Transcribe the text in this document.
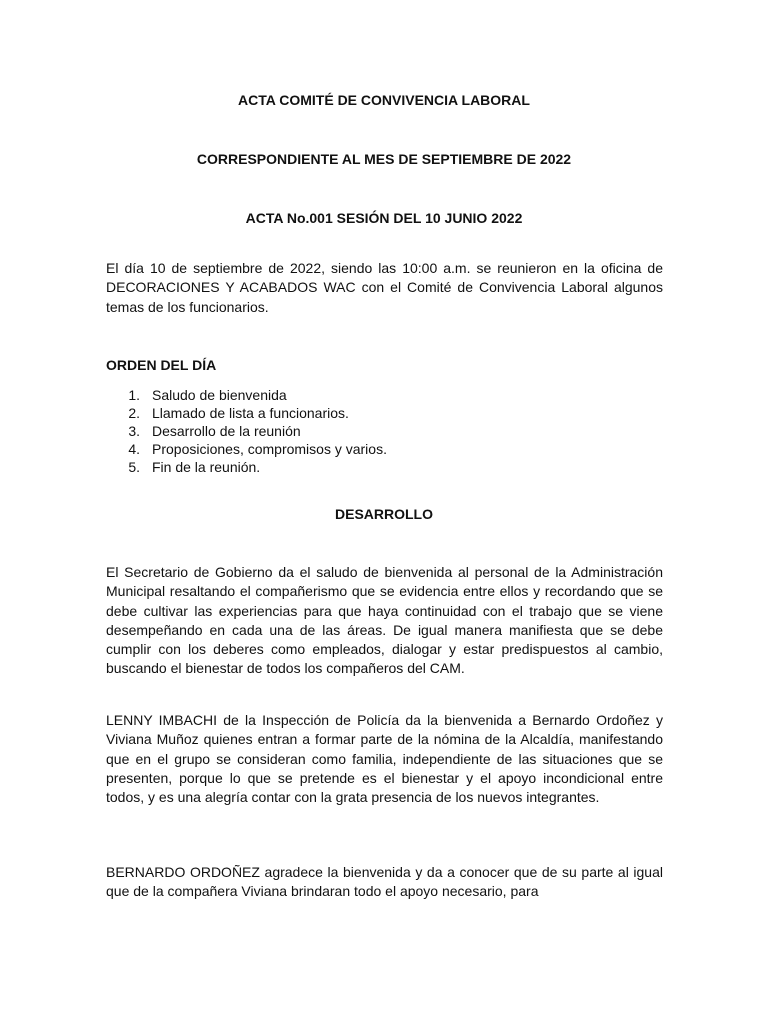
ACTA COMITÉ DE CONVIVENCIA LABORAL
CORRESPONDIENTE AL MES DE SEPTIEMBRE DE 2022
ACTA No.001 SESIÓN DEL 10 JUNIO 2022

El día 10 de septiembre de 2022, siendo las 10:00 a.m. se reunieron en la oficina de DECORACIONES Y ACABADOS WAC con el Comité de Convivencia Laboral algunos temas de los funcionarios.

ORDEN DEL DÍA
1. Saludo de bienvenida
2. Llamado de lista a funcionarios.
3. Desarrollo de la reunión
4. Proposiciones, compromisos y varios.
5. Fin de la reunión.
DESARROLLO

El Secretario de Gobierno da el saludo de bienvenida al personal de la Administración Municipal resaltando el compañerismo que se evidencia entre ellos y recordando que se debe cultivar las experiencias para que haya continuidad con el trabajo que se viene desempeñando en cada una de las áreas. De igual manera manifiesta que se debe cumplir con los deberes como empleados, dialogar y estar predispuestos al cambio, buscando el bienestar de todos los compañeros del CAM.

LENNY IMBACHI de la Inspección de Policía da la bienvenida a Bernardo Ordoñez y Viviana Muñoz quienes entran a formar parte de la nómina de la Alcaldía, manifestando que en el grupo se consideran como familia, independiente de las situaciones que se presenten, porque lo que se pretende es el bienestar y el apoyo incondicional entre todos, y es una alegría contar con la grata presencia de los nuevos integrantes.

BERNARDO ORDOÑEZ agradece la bienvenida y da a conocer que de su parte al igual que de la compañera Viviana brindaran todo el apoyo necesario, para
